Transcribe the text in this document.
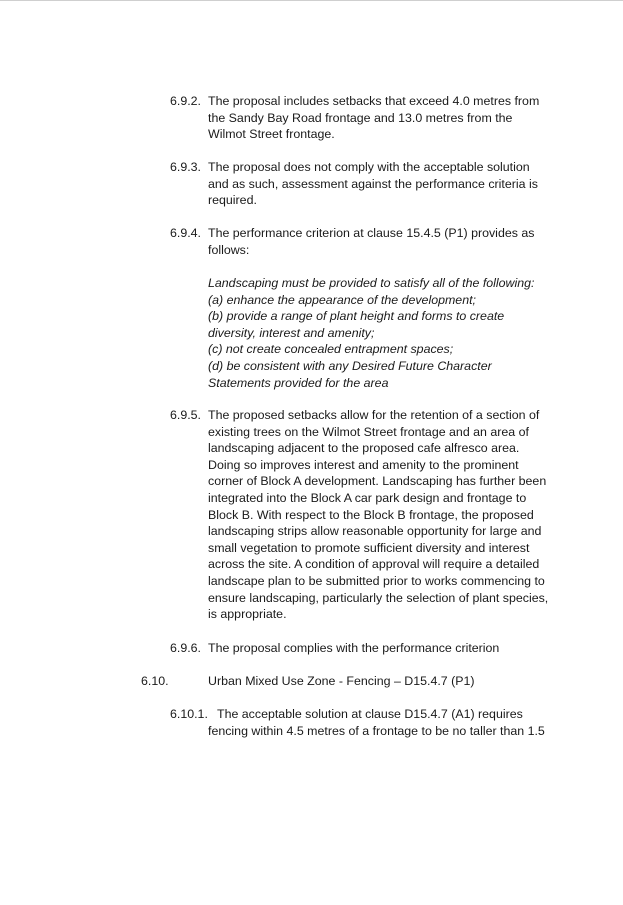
6.9.2. The proposal includes setbacks that exceed 4.0 metres from
the Sandy Bay Road frontage and 13.0 metres from the
Wilmot Street frontage.
6.9.3. The proposal does not comply with the acceptable solution
and as such, assessment against the performance criteria is
required.
6.9.4. The performance criterion at clause 15.4.5 (P1) provides as
follows:
Landscaping must be provided to satisfy all of the following:
(a) enhance the appearance of the development;
(b) provide a range of plant height and forms to create
diversity, interest and amenity;
(c) not create concealed entrapment spaces;
(d) be consistent with any Desired Future Character
Statements provided for the area
6.9.5. The proposed setbacks allow for the retention of a section of
existing trees on the Wilmot Street frontage and an area of
landscaping adjacent to the proposed cafe alfresco area.
Doing so improves interest and amenity to the prominent
corner of Block A development. Landscaping has further been
integrated into the Block A car park design and frontage to
Block B. With respect to the Block B frontage, the proposed
landscaping strips allow reasonable opportunity for large and
small vegetation to promote sufficient diversity and interest
across the site. A condition of approval will require a detailed
landscape plan to be submitted prior to works commencing to
ensure landscaping, particularly the selection of plant species,
is appropriate.
6.9.6. The proposal complies with the performance criterion
6.10.	Urban Mixed Use Zone - Fencing – D15.4.7 (P1)
6.10.1. The acceptable solution at clause D15.4.7 (A1) requires
fencing within 4.5 metres of a frontage to be no taller than 1.5
